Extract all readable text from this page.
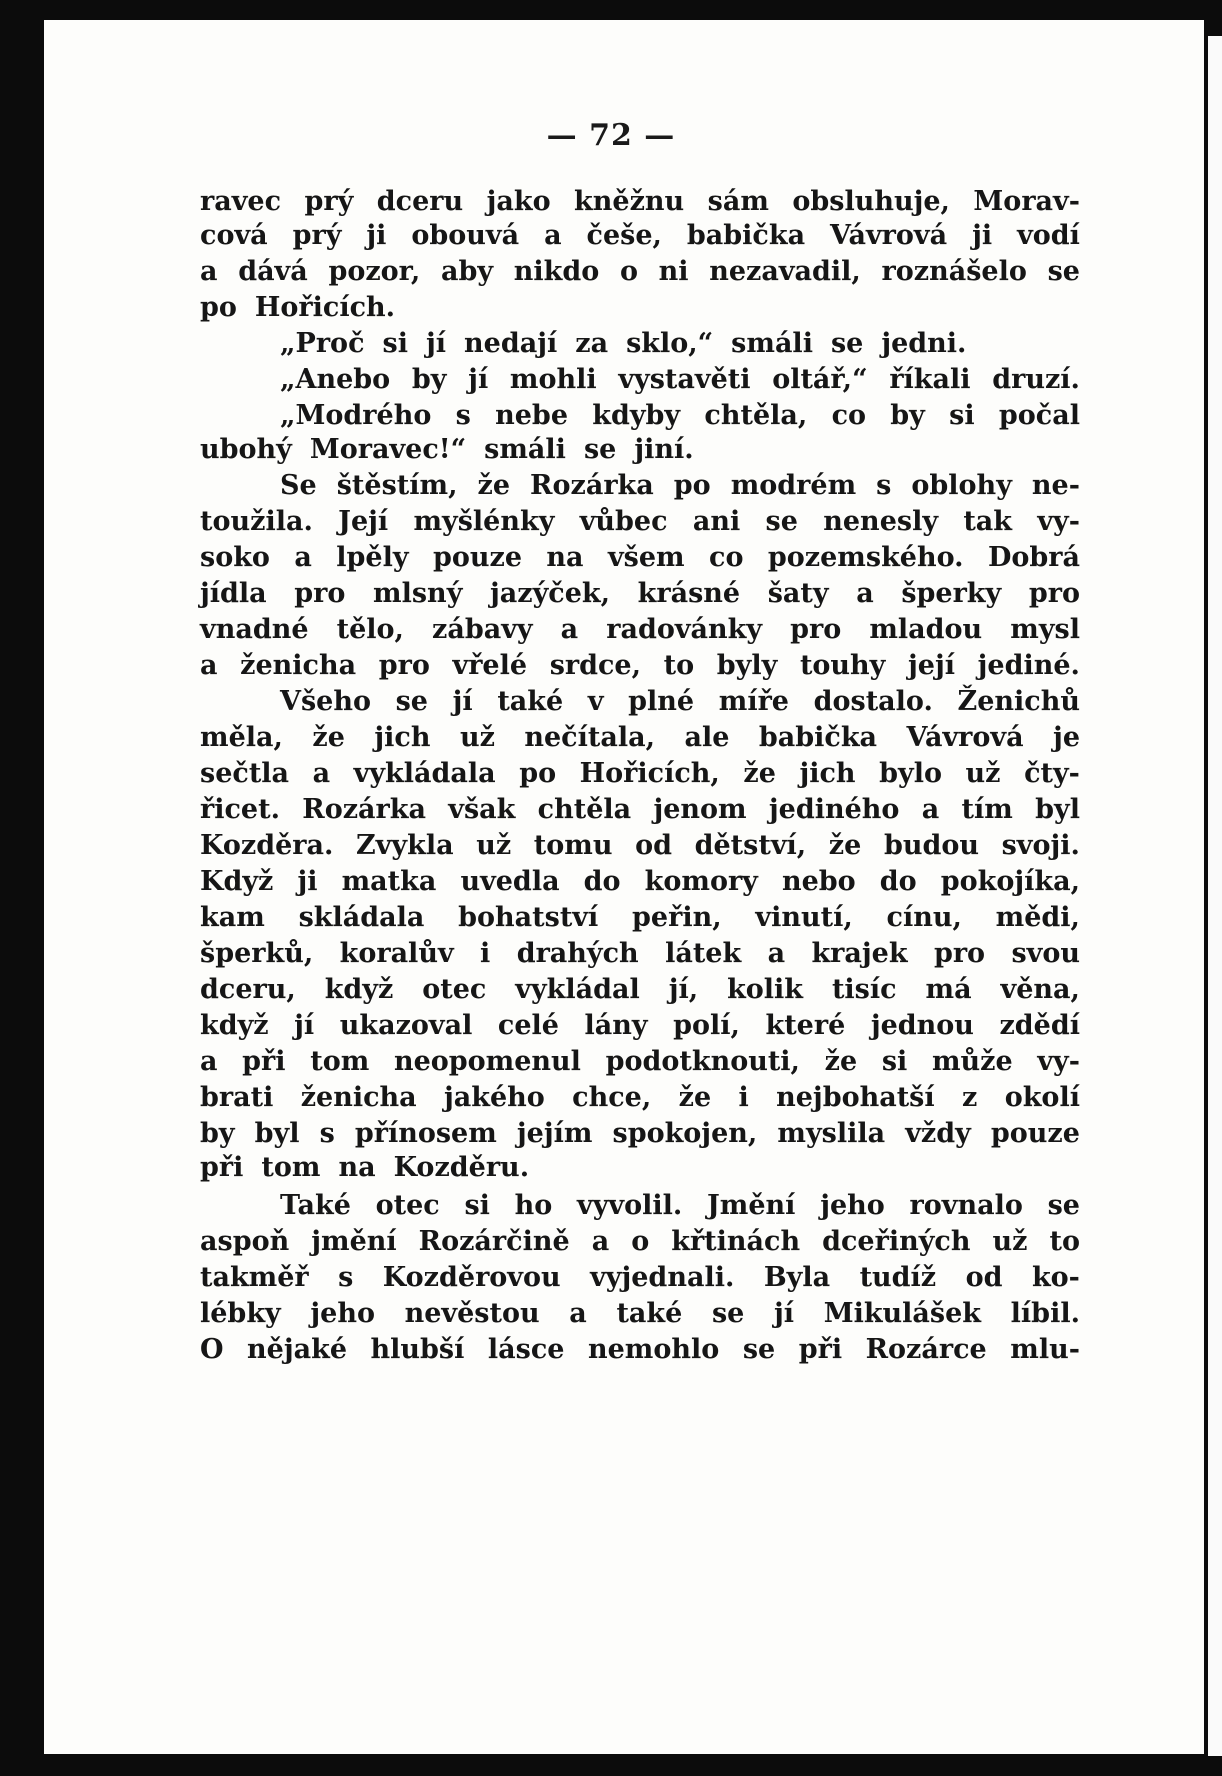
— 72 —
ravec prý dceru jako kněžnu sám obsluhuje, Morav-
cová prý ji obouvá a češe, babička Vávrová ji vodí
a dává pozor, aby nikdo o ni nezavadil, roznášelo se
po Hořicích.
„Proč si jí nedají za sklo,“ smáli se jedni.
„Anebo by jí mohli vystavěti oltář,“ říkali druzí.
„Modrého s nebe kdyby chtěla, co by si počal
ubohý Moravec!“ smáli se jiní.
Se štěstím, že Rozárka po modrém s oblohy ne-
toužila. Její myšlénky vůbec ani se nenesly tak vy-
soko a lpěly pouze na všem co pozemského. Dobrá
jídla pro mlsný jazýček, krásné šaty a šperky pro
vnadné tělo, zábavy a radovánky pro mladou mysl
a ženicha pro vřelé srdce, to byly touhy její jediné.
Všeho se jí také v plné míře dostalo. Ženichů
měla, že jich už nečítala, ale babička Vávrová je
sečtla a vykládala po Hořicích, že jich bylo už čty-
řicet. Rozárka však chtěla jenom jediného a tím byl
Kozděra. Zvykla už tomu od dětství, že budou svoji.
Když ji matka uvedla do komory nebo do pokojíka,
kam skládala bohatství peřin, vinutí, cínu, mědi,
šperků, koralův i drahých látek a krajek pro svou
dceru, když otec vykládal jí, kolik tisíc má věna,
když jí ukazoval celé lány polí, které jednou zdědí
a při tom neopomenul podotknouti, že si může vy-
brati ženicha jakého chce, že i nejbohatší z okolí
by byl s přínosem jejím spokojen, myslila vždy pouze
při tom na Kozděru.
Také otec si ho vyvolil. Jmění jeho rovnalo se
aspoň jmění Rozárčině a o křtinách dceřiných už to
takměř s Kozděrovou vyjednali. Byla tudíž od ko-
lébky jeho nevěstou a také se jí Mikulášek líbil.
O nějaké hlubší lásce nemohlo se při Rozárce mlu-
